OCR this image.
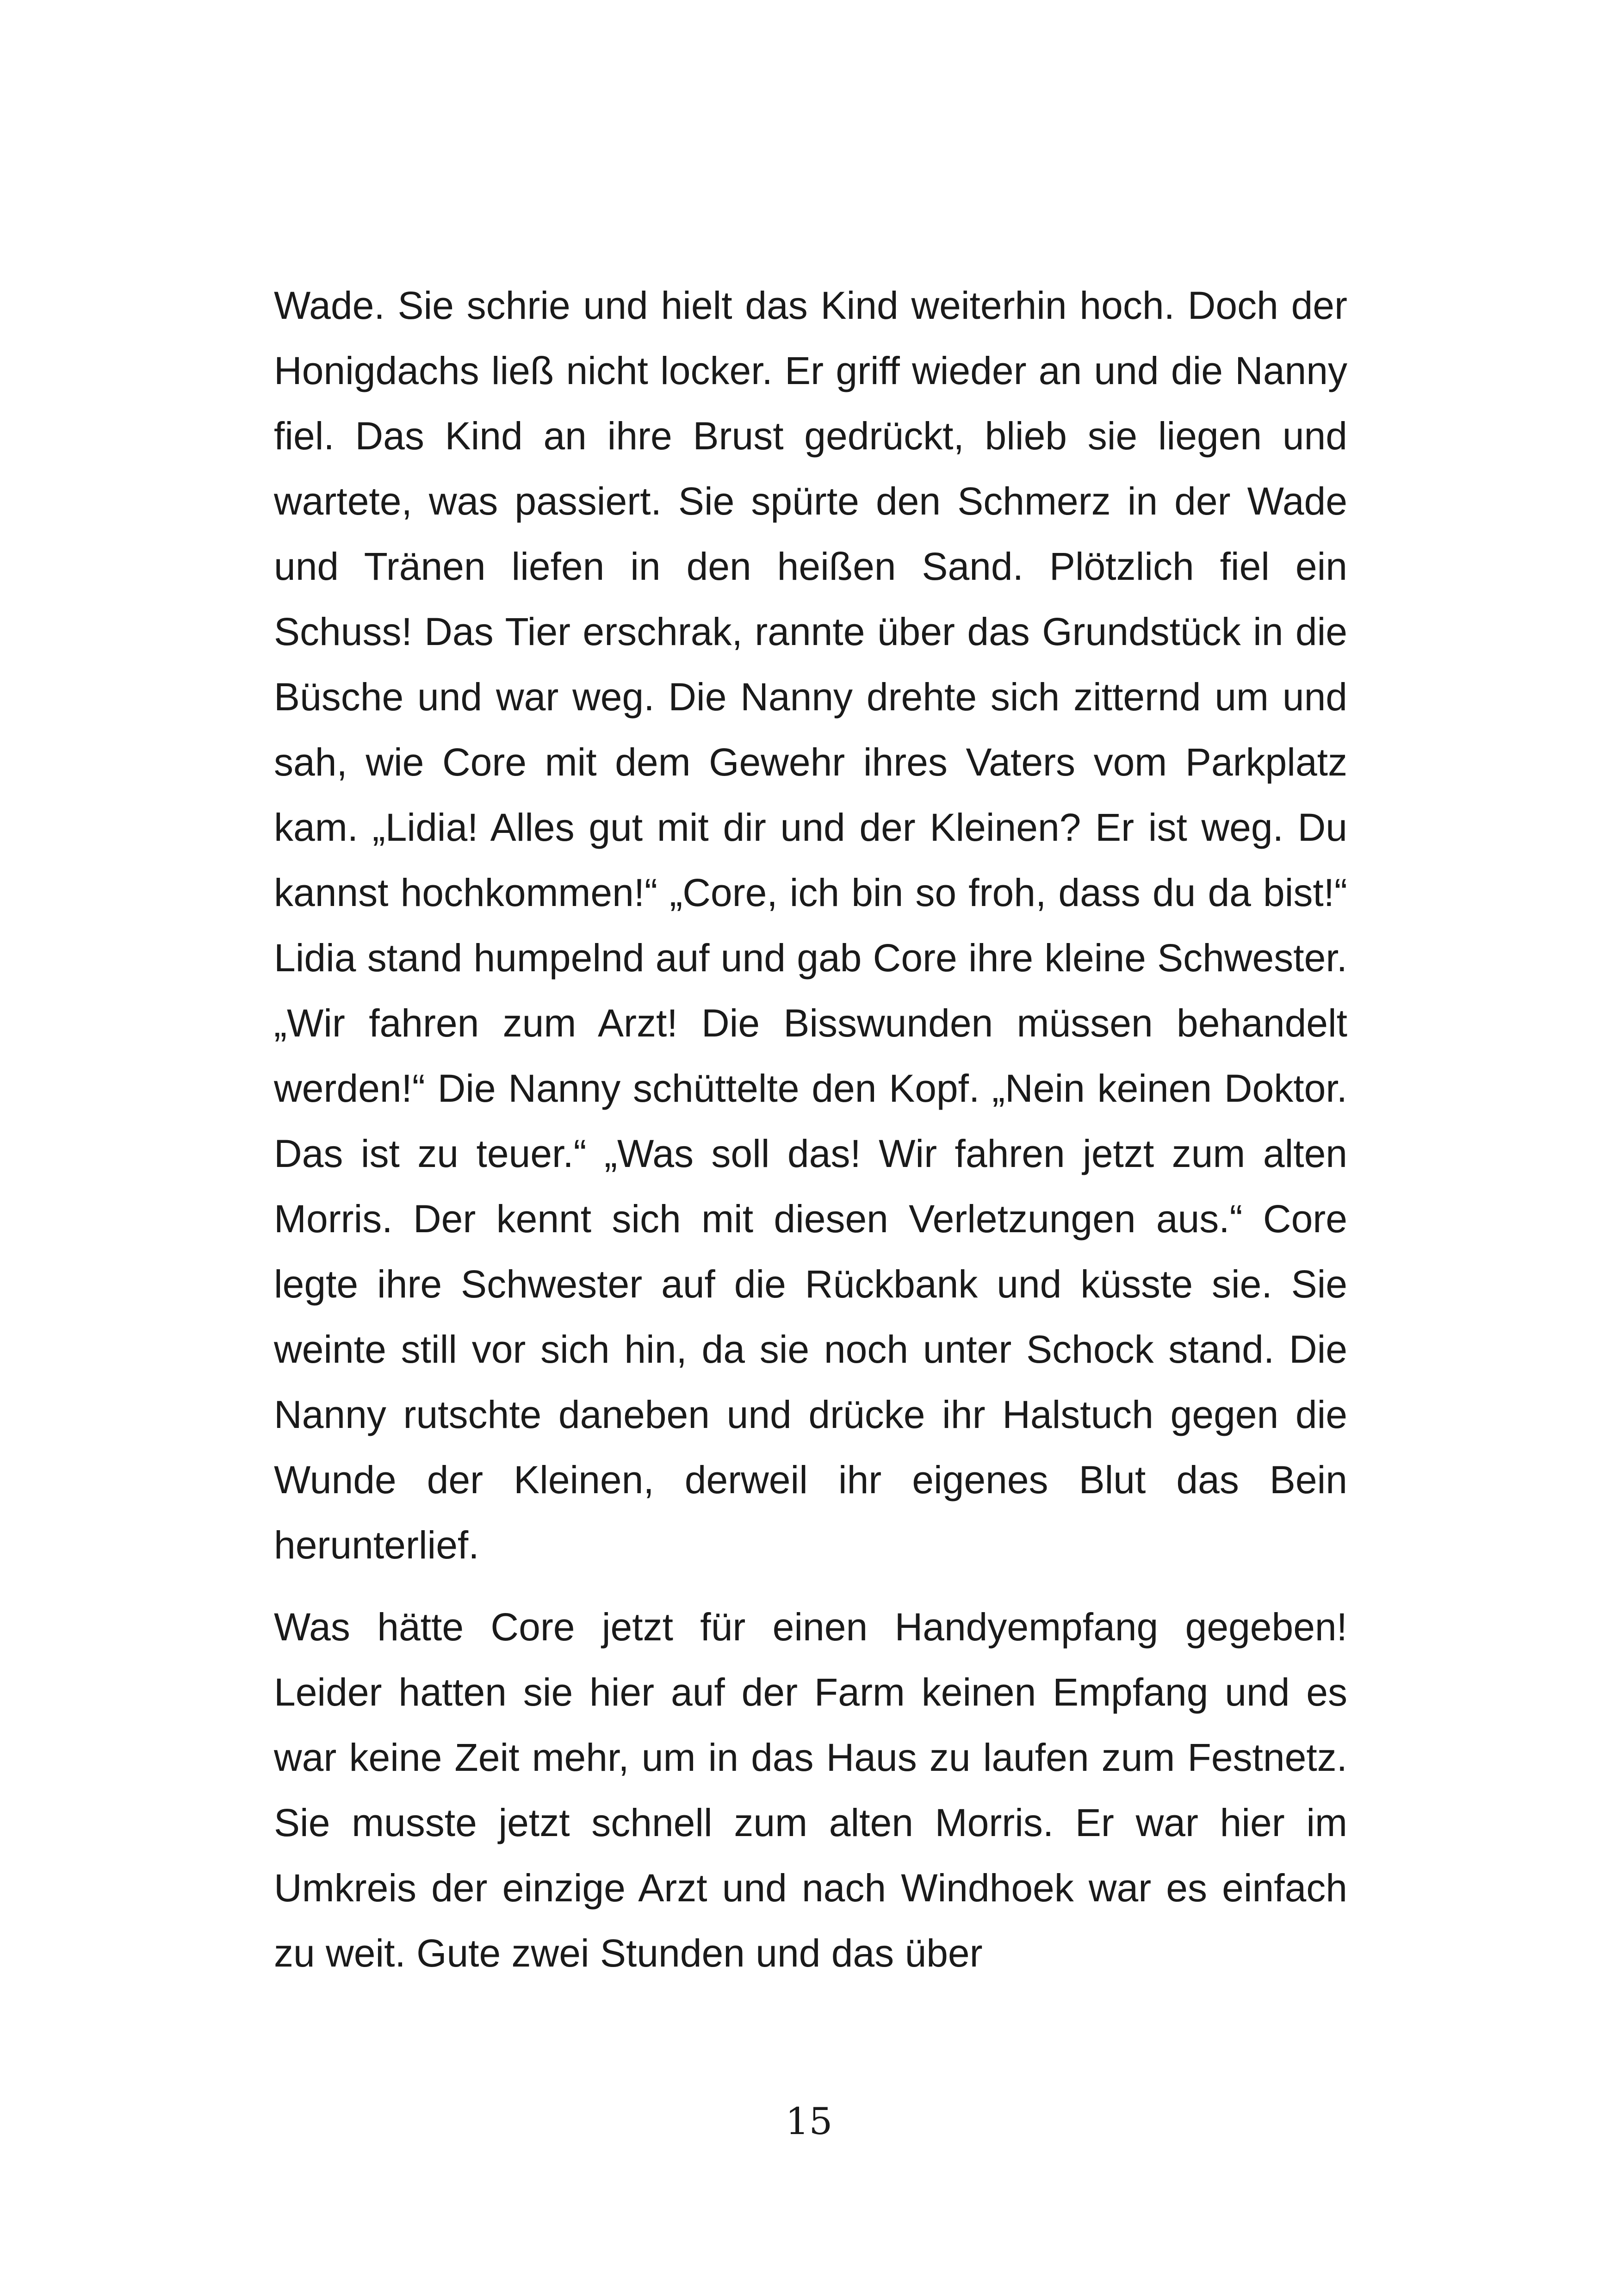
Wade. Sie schrie und hielt das Kind weiterhin hoch. Doch der Honigdachs ließ nicht locker. Er griff wieder an und die Nanny fiel. Das Kind an ihre Brust gedrückt, blieb sie liegen und wartete, was passiert. Sie spürte den Schmerz in der Wade und Tränen liefen in den heißen Sand. Plötzlich fiel ein Schuss! Das Tier erschrak, rannte über das Grundstück in die Büsche und war weg. Die Nanny drehte sich zitternd um und sah, wie Core mit dem Gewehr ihres Vaters vom Parkplatz kam. „Lidia! Alles gut mit dir und der Kleinen? Er ist weg. Du kannst hochkommen!“ „Core, ich bin so froh, dass du da bist!“ Lidia stand humpelnd auf und gab Core ihre kleine Schwester. „Wir fahren zum Arzt! Die Bisswunden müssen behandelt werden!“ Die Nanny schüttelte den Kopf. „Nein keinen Doktor. Das ist zu teuer.“ „Was soll das! Wir fahren jetzt zum alten Morris. Der kennt sich mit diesen Verletzungen aus.“ Core legte ihre Schwester auf die Rückbank und küsste sie. Sie weinte still vor sich hin, da sie noch unter Schock stand. Die Nanny rutschte daneben und drücke ihr Halstuch gegen die Wunde der Kleinen, derweil ihr eigenes Blut das Bein herunterlief.

Was hätte Core jetzt für einen Handyempfang gegeben! Leider hatten sie hier auf der Farm keinen Empfang und es war keine Zeit mehr, um in das Haus zu laufen zum Festnetz. Sie musste jetzt schnell zum alten Morris. Er war hier im Umkreis der einzige Arzt und nach Windhoek war es einfach zu weit. Gute zwei Stunden und das über

15
